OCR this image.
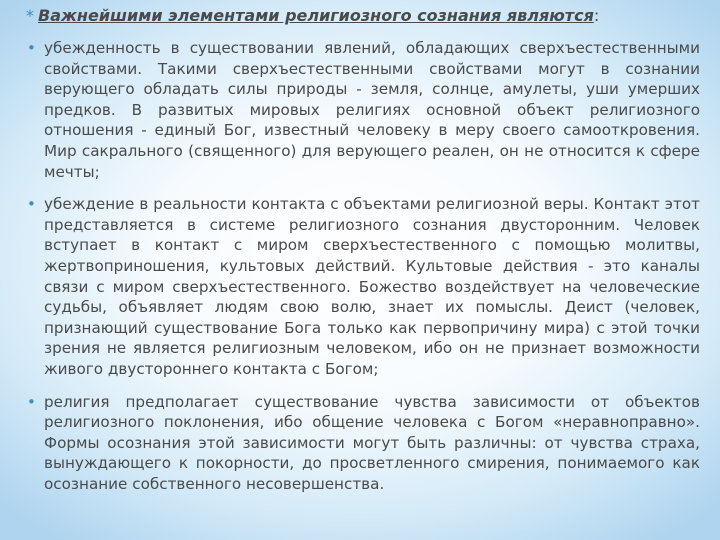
* Важнейшими элементами религиозного сознания являются:
• убежденность в существовании явлений, обладающих сверхъестественными свойствами. Такими сверхъестественными свойствами могут в сознании верующего обладать силы природы - земля, солнце, амулеты, уши умерших предков. В развитых мировых религиях основной объект религиозного отношения - единый Бог, известный человеку в меру своего самооткровения. Мир сакрального (священного) для верующего реален, он не относится к сфере мечты;
• убеждение в реальности контакта с объектами религиозной веры. Контакт этот представляется в системе религиозного сознания двусторонним. Человек вступает в контакт с миром сверхъестественного с помощью молитвы, жертвоприношения, культовых действий. Культовые действия - это каналы связи с миром сверхъестественного. Божество воздействует на человеческие судьбы, объявляет людям свою волю, знает их помыслы. Деист (человек, признающий существование Бога только как первопричину мира) с этой точки зрения не является религиозным человеком, ибо он не признает возможности живого двустороннего контакта с Богом;
• религия предполагает существование чувства зависимости от объектов религиозного поклонения, ибо общение человека с Богом «неравноправно». Формы осознания этой зависимости могут быть различны: от чувства страха, вынуждающего к покорности, до просветленного смирения, понимаемого как осознание собственного несовершенства.
